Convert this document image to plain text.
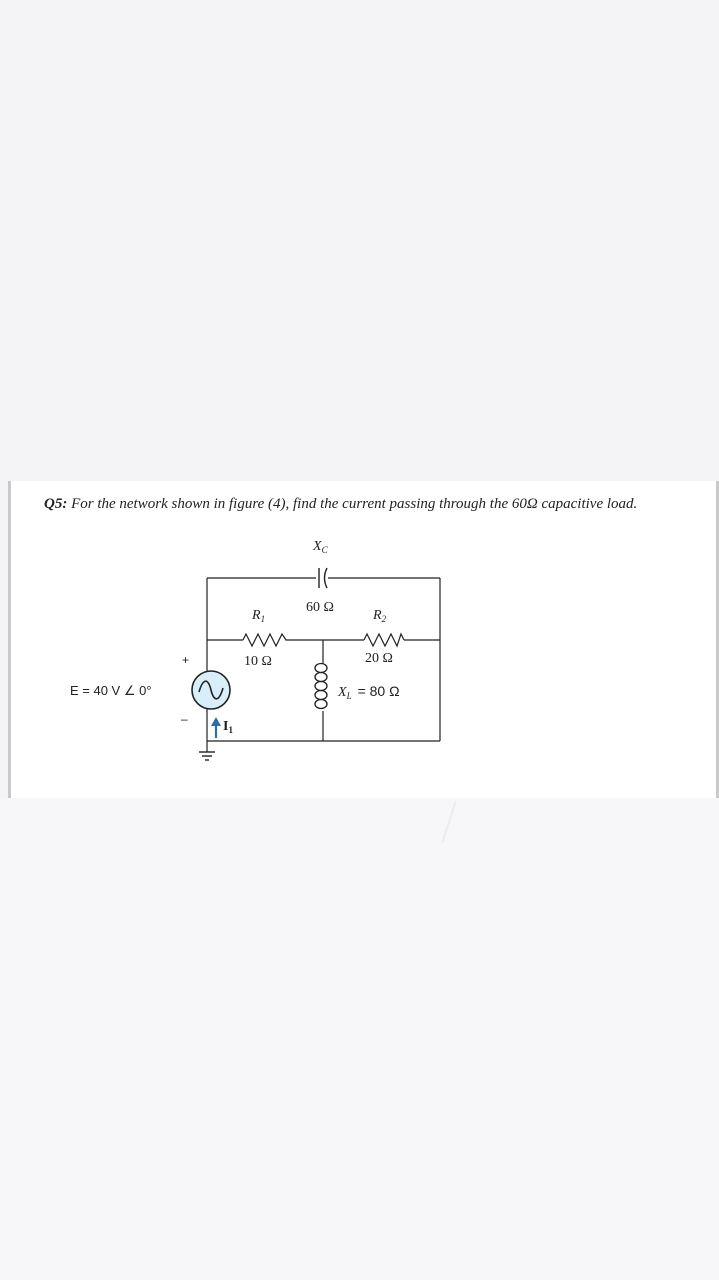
Q5: For the network shown in figure (4), find the current passing through the 60Ω capacitive load.
$X_C$
60 Ω
$R_1$
10 Ω
$R_2$
20 Ω
$X_L = 80$ Ω
E = 40 V ∠ 0°
+
–	$I_1$
